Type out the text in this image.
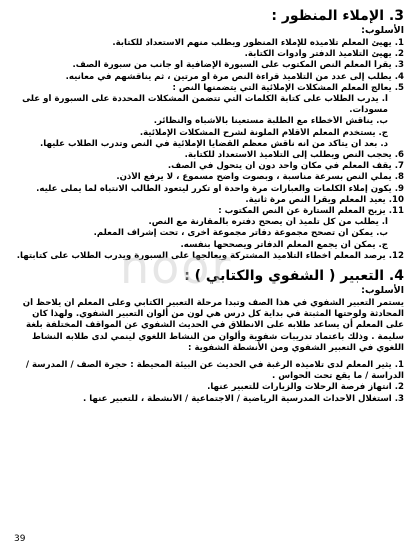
3. الإملاء المنظور :

الأسلوب:

1. يهيئ المعلم تلاميذه للإملاء المنظور ويطلب منهم الاستعداد للكتابة.
2. يهيئ التلاميذ الدفتر وأدوات الكتابة.
3. يقرأ المعلم النص المكتوب على السبورة الإضافية أو جانب من سبورة الصف.
4. يطلب إلى عدد من التلاميذ قراءة النص مرة أو مرتين ، ثم يناقشهم في معانيه.
5. يعالج المعلم المشكلات الإملائية التي يتضمنها النص :
أ. يدرب الطلاب على كتابة الكلمات التي تتضمن المشكلات المحددة على السبورة أو على مسودات.
ب. يناقش الأخطاء مع الطلبة مستعينا بالأشباه والنظائر.
ج. يستخدم المعلم الأقلام الملونة لشرح المشكلات الإملائية.
د. بعد أن يتأكد من أنه ناقش معظم القضايا الإملائية في النص وتدرب الطلاب عليها.
6. يحجب النص ويطلب إلى التلاميذ الاستعداد للكتابة.
7. يقف المعلم في مكان واحد دون أن يتحول في الصف.
8. يملي النص بسرعة مناسبة ، وبصوت واضح مسموع ، لا يرفع الأذن.
9. يكون إملاء الكلمات والعبارات مرة واحدة أو تكرر ليتعود الطالب الانتباه لما يملى عليه.
10. يعيد المعلم ويقرأ النص مرة ثانية.
11. يزيح المعلم الستارة عن النص المكتوب :
أ. يطلب من كل تلميذ أن يصحح دفتره بالمقارنة مع النص.
ب. يمكن أن تصحح مجموعة دفاتر مجموعة أخرى ، تحت إشراف المعلم.
ج. يمكن أن يجمع المعلم الدفاتر ويصححها بنفسه.
12. يرصد المعلم أخطاء التلاميذ المشتركة ويعالجها على السبورة ويدرب الطلاب على كتابتها.
4. التعبير ( الشفوي والكتابي ) :

الأسلوب:

يستمر التعبير الشفوي في هذا الصف وتبدأ مرحلة التعبير الكتابي وعلى المعلم أن يلاحظ أن المحادثة ولوحتها المثبتة في بداية كل درس هي لون من ألوان التعبير الشفوي. ولهذا كان على المعلم أن يساعد طلابه على الانطلاق في الحديث الشفوي عن المواقف المختلفة بلغة سليمة . وذلك باعتماد تدريبات شفوية وألوان من النشاط اللغوي لينمي لدى طلابه النشاط اللغوي في التعبير الشفوي ومن الأنشطة الشفوية :
1. يثير المعلم لدى تلاميذه الرغبة في الحديث عن البيئة المحيطة : حجرة الصف / المدرسة / الدراسة / ما يقع تحت الحواس .
2. انتهاز فرصة الرحلات والزيارات للتعبير عنها.
3. استغلال الأحداث المدرسية الرياضية / الاجتماعية / الأنشطة ، للتعبير عنها .
noor
39
